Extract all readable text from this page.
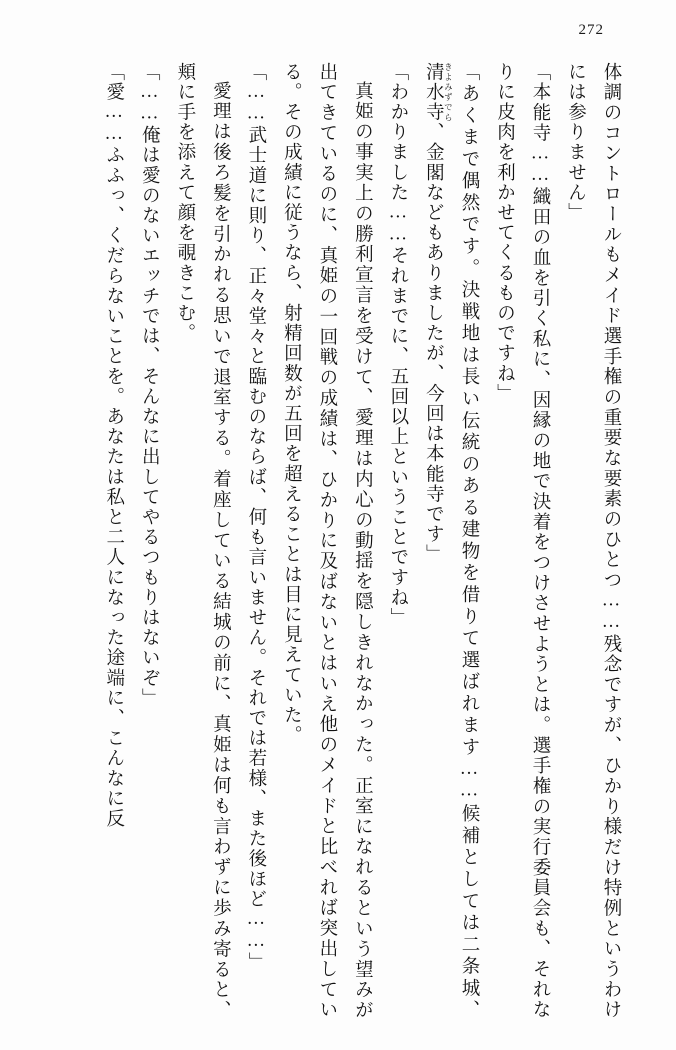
272

体調のコントロールもメイド選手権の重要な要素のひとつ……残念ですが、ひかり様だけ特例というわけには参りません」

「本能寺……織田の血を引く私に、因縁の地で決着をつけさせようとは。選手権の実行委員会も、それなりに皮肉を利かせてくるものですね」

「あくまで偶然です。決戦地は長い伝統のある建物を借りて選ばれます……候補としては二条城、清水寺 きよみずでら、金閣などもありましたが、今回は本能寺です」

「わかりました……それまでに、五回以上ということですね」

真姫の事実上の勝利宣言を受けて、愛理は内心の動揺を隠しきれなかった。正室になれるという望みが出てきているのに、真姫の一回戦の成績は、ひかりに及ばないとはいえ他のメイドと比べれば突出している。その成績に従うなら、射精回数が五回を超えることは目に見えていた。

「……武士道に則り、正々堂々と臨むのならば、何も言いません。それでは若様、また後ほど……」

愛理は後ろ髪を引かれる思いで退室する。着座している結城の前に、真姫は何も言わずに歩み寄ると、頬に手を添えて顔を覗きこむ。

「……俺は愛のないエッチでは、そんなに出してやるつもりはないぞ」

「愛……ふふっ、くだらないことを。あなたは私と二人になった途端に、こんなに反
